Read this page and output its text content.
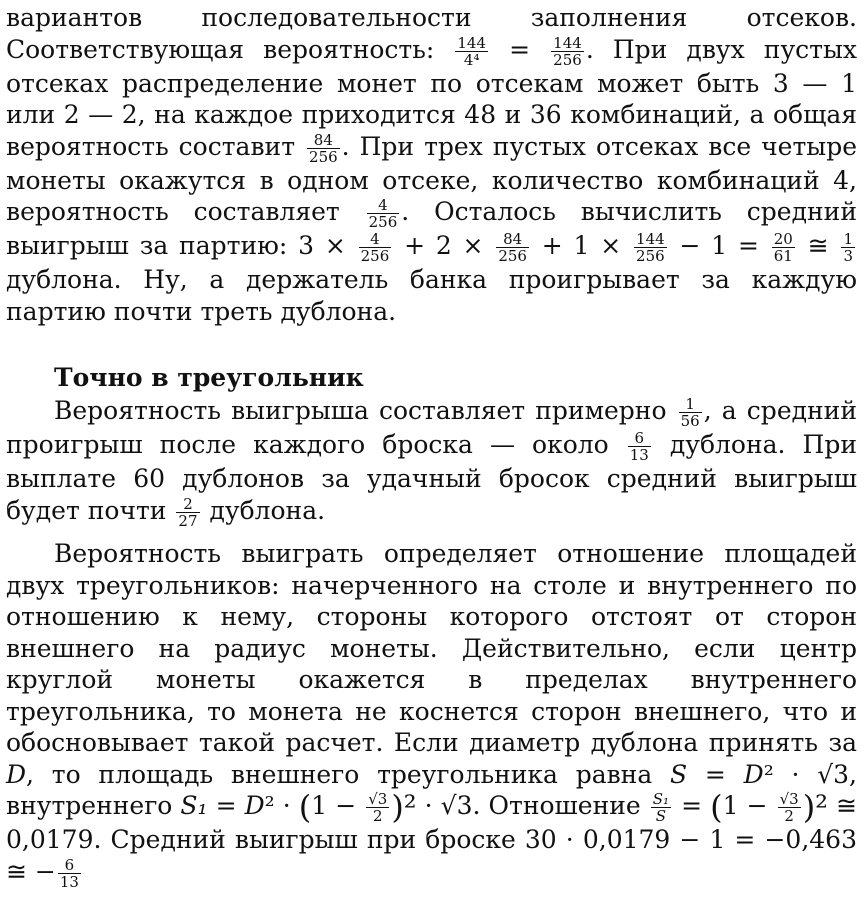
вариантов последовательности заполнения отсеков. Соответствующая вероятность: $\frac{144}{\text{4⁴}} = \frac{144}{256}$ . При двух пустых отсеках распределение монет по отсекам может быть 3 — 1 или 2 — 2, на каждое приходится 48 и 36 комбинаций, а общая вероятность составит $\frac{84}{256}$ . При трех пустых отсеках все четыре монеты окажутся в одном отсеке, количество комбинаций 4, вероятность составляет $\frac{4}{256}$ . Осталось вычислить средний выигрыш за партию: $3 \times \frac{4}{256} + 2 \times \frac{84}{256} + 1 \times \frac{144}{256} - 1 = \frac{20}{61}$ ≅ $\frac{1}{3}$
дублона. Ну, а держатель банка проигрывает за каждую партию почти треть дублона.
Точно в треугольник
Вероятность выигрыша составляет примерно $\frac{1}{56}$ , а средний проигрыш после каждого броска — около $\frac{6}{13}$ дублона. При выплате 60 дублонов за удачный бросок средний выигрыш будет почти $\frac{2}{27}$ дублона.
Вероятность выиграть определяет отношение площадей двух треугольников: начерченного на столе и внутреннего по отношению к нему, стороны которого отстоят от сторон внешнего на радиус монеты. Действительно, если центр круглой монеты окажется в пределах внутреннего треугольника, то монета не коснется сторон внешнего, что и обосновывает такой расчет. Если диаметр дублона принять за D, то площадь внешнего треугольника равна S = D² · √3, внутреннего $S_1 = D^2 \cdot (1 - \frac{√3}{2} )^2 \cdot √3$. Отношение $\frac{\text{S₁}}{S} = (1 - \frac{√3}{2} )^2$ ≅ 0,0179. Средний выигрыш при броске 30 · 0,0179 − 1 = −0,463 ≅ − $\frac{6}{13}$
